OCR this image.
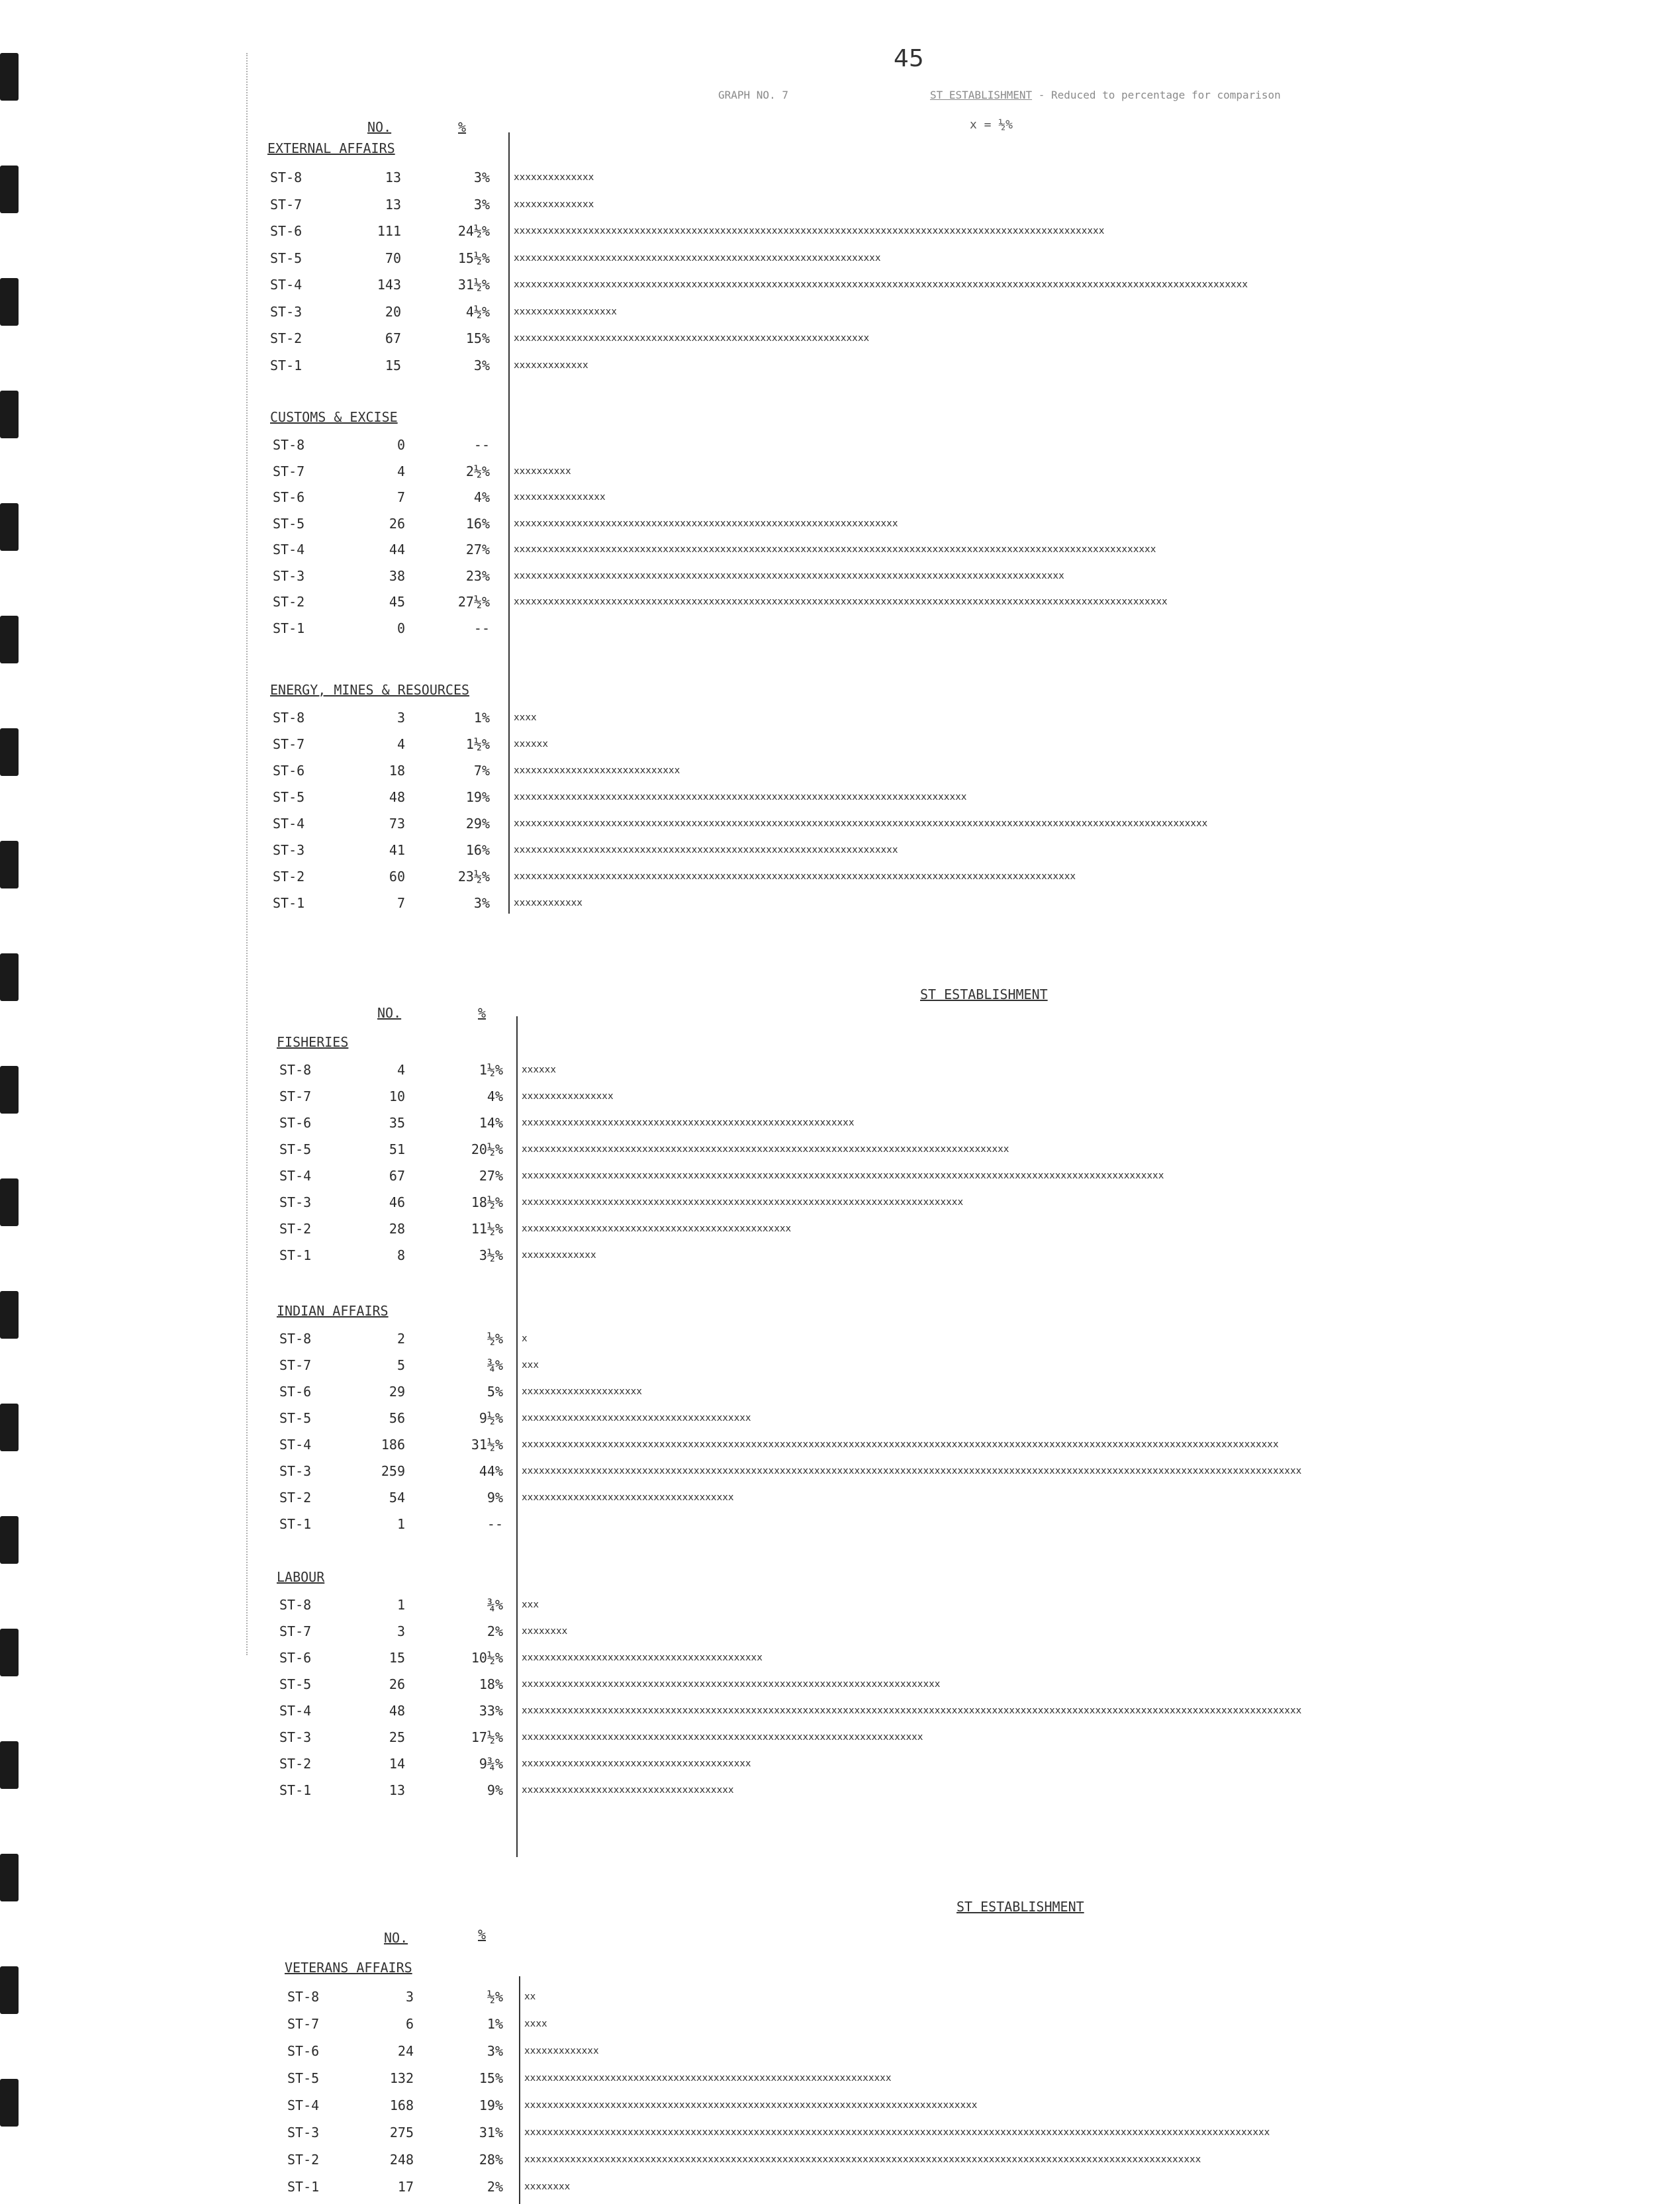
45
GRAPH NO. 7	ST ESTABLISHMENT - Reduced to percentage for comparison
x = ½%
NO.	%
NO.	%
NO.	%
ST ESTABLISHMENT
ST ESTABLISHMENT
EXTERNAL AFFAIRS
ST-8	13	3%	xxxxxxxxxxxxxx
ST-7	13	3%	xxxxxxxxxxxxxx
ST-6	111	24½%	xxxxxxxxxxxxxxxxxxxxxxxxxxxxxxxxxxxxxxxxxxxxxxxxxxxxxxxxxxxxxxxxxxxxxxxxxxxxxxxxxxxxxxxxxxxxxxxxxxxxxxx
ST-5	70	15½%	xxxxxxxxxxxxxxxxxxxxxxxxxxxxxxxxxxxxxxxxxxxxxxxxxxxxxxxxxxxxxxxx
ST-4	143	31½%	xxxxxxxxxxxxxxxxxxxxxxxxxxxxxxxxxxxxxxxxxxxxxxxxxxxxxxxxxxxxxxxxxxxxxxxxxxxxxxxxxxxxxxxxxxxxxxxxxxxxxxxxxxxxxxxxxxxxxxxxxxxxxxxx
ST-3	20	4½%	xxxxxxxxxxxxxxxxxx
ST-2	67	15%	xxxxxxxxxxxxxxxxxxxxxxxxxxxxxxxxxxxxxxxxxxxxxxxxxxxxxxxxxxxxxx
ST-1	15	3%	xxxxxxxxxxxxx
CUSTOMS & EXCISE
ST-8	0	--
ST-7	4	2½%	xxxxxxxxxx
ST-6	7	4%	xxxxxxxxxxxxxxxx
ST-5	26	16%	xxxxxxxxxxxxxxxxxxxxxxxxxxxxxxxxxxxxxxxxxxxxxxxxxxxxxxxxxxxxxxxxxxx
ST-4	44	27%	xxxxxxxxxxxxxxxxxxxxxxxxxxxxxxxxxxxxxxxxxxxxxxxxxxxxxxxxxxxxxxxxxxxxxxxxxxxxxxxxxxxxxxxxxxxxxxxxxxxxxxxxxxxxxxxx
ST-3	38	23%	xxxxxxxxxxxxxxxxxxxxxxxxxxxxxxxxxxxxxxxxxxxxxxxxxxxxxxxxxxxxxxxxxxxxxxxxxxxxxxxxxxxxxxxxxxxxxxxx
ST-2	45	27½%	xxxxxxxxxxxxxxxxxxxxxxxxxxxxxxxxxxxxxxxxxxxxxxxxxxxxxxxxxxxxxxxxxxxxxxxxxxxxxxxxxxxxxxxxxxxxxxxxxxxxxxxxxxxxxxxxxx
ST-1	0	--
ENERGY, MINES & RESOURCES
ST-8	3	1%	xxxx
ST-7	4	1½%	xxxxxx
ST-6	18	7%	xxxxxxxxxxxxxxxxxxxxxxxxxxxxx
ST-5	48	19%	xxxxxxxxxxxxxxxxxxxxxxxxxxxxxxxxxxxxxxxxxxxxxxxxxxxxxxxxxxxxxxxxxxxxxxxxxxxxxxx
ST-4	73	29%	xxxxxxxxxxxxxxxxxxxxxxxxxxxxxxxxxxxxxxxxxxxxxxxxxxxxxxxxxxxxxxxxxxxxxxxxxxxxxxxxxxxxxxxxxxxxxxxxxxxxxxxxxxxxxxxxxxxxxxxxx
ST-3	41	16%	xxxxxxxxxxxxxxxxxxxxxxxxxxxxxxxxxxxxxxxxxxxxxxxxxxxxxxxxxxxxxxxxxxx
ST-2	60	23½%	xxxxxxxxxxxxxxxxxxxxxxxxxxxxxxxxxxxxxxxxxxxxxxxxxxxxxxxxxxxxxxxxxxxxxxxxxxxxxxxxxxxxxxxxxxxxxxxxxx
ST-1	7	3%	xxxxxxxxxxxx
FISHERIES
ST-8	4	1½% xxxxxx
ST-7	10	4% xxxxxxxxxxxxxxxx
ST-6	35	14% xxxxxxxxxxxxxxxxxxxxxxxxxxxxxxxxxxxxxxxxxxxxxxxxxxxxxxxxxx
ST-5	51	20½% xxxxxxxxxxxxxxxxxxxxxxxxxxxxxxxxxxxxxxxxxxxxxxxxxxxxxxxxxxxxxxxxxxxxxxxxxxxxxxxxxxxxx
ST-4	67	27% xxxxxxxxxxxxxxxxxxxxxxxxxxxxxxxxxxxxxxxxxxxxxxxxxxxxxxxxxxxxxxxxxxxxxxxxxxxxxxxxxxxxxxxxxxxxxxxxxxxxxxxxxxxxxxxx
ST-3	46	18½% xxxxxxxxxxxxxxxxxxxxxxxxxxxxxxxxxxxxxxxxxxxxxxxxxxxxxxxxxxxxxxxxxxxxxxxxxxxxx
ST-2	28	11½% xxxxxxxxxxxxxxxxxxxxxxxxxxxxxxxxxxxxxxxxxxxxxxx
ST-1	8	3½% xxxxxxxxxxxxx
INDIAN AFFAIRS
ST-8	2	½% x
ST-7	5	¾% xxx
ST-6	29	5% xxxxxxxxxxxxxxxxxxxxx
ST-5	56	9½% xxxxxxxxxxxxxxxxxxxxxxxxxxxxxxxxxxxxxxxx
ST-4	186	31½% xxxxxxxxxxxxxxxxxxxxxxxxxxxxxxxxxxxxxxxxxxxxxxxxxxxxxxxxxxxxxxxxxxxxxxxxxxxxxxxxxxxxxxxxxxxxxxxxxxxxxxxxxxxxxxxxxxxxxxxxxxxxxxxxxxxx
ST-3	259	44% xxxxxxxxxxxxxxxxxxxxxxxxxxxxxxxxxxxxxxxxxxxxxxxxxxxxxxxxxxxxxxxxxxxxxxxxxxxxxxxxxxxxxxxxxxxxxxxxxxxxxxxxxxxxxxxxxxxxxxxxxxxxxxxxxxxxxxxx
ST-2	54	9% xxxxxxxxxxxxxxxxxxxxxxxxxxxxxxxxxxxxx
ST-1	1	--
LABOUR
ST-8	1	¾% xxx
ST-7	3	2% xxxxxxxx
ST-6	15	10½% xxxxxxxxxxxxxxxxxxxxxxxxxxxxxxxxxxxxxxxxxx
ST-5	26	18% xxxxxxxxxxxxxxxxxxxxxxxxxxxxxxxxxxxxxxxxxxxxxxxxxxxxxxxxxxxxxxxxxxxxxxxxx
ST-4	48	33% xxxxxxxxxxxxxxxxxxxxxxxxxxxxxxxxxxxxxxxxxxxxxxxxxxxxxxxxxxxxxxxxxxxxxxxxxxxxxxxxxxxxxxxxxxxxxxxxxxxxxxxxxxxxxxxxxxxxxxxxxxxxxxxxxxxxxxxx
ST-3	25	17½% xxxxxxxxxxxxxxxxxxxxxxxxxxxxxxxxxxxxxxxxxxxxxxxxxxxxxxxxxxxxxxxxxxxxxx
ST-2	14	9¾% xxxxxxxxxxxxxxxxxxxxxxxxxxxxxxxxxxxxxxxx
ST-1	13	9% xxxxxxxxxxxxxxxxxxxxxxxxxxxxxxxxxxxxx
VETERANS AFFAIRS
ST-8	3	½% xx
ST-7	6	1% xxxx
ST-6	24	3% xxxxxxxxxxxxx
ST-5	132	15% xxxxxxxxxxxxxxxxxxxxxxxxxxxxxxxxxxxxxxxxxxxxxxxxxxxxxxxxxxxxxxxx
ST-4	168	19% xxxxxxxxxxxxxxxxxxxxxxxxxxxxxxxxxxxxxxxxxxxxxxxxxxxxxxxxxxxxxxxxxxxxxxxxxxxxxxx
ST-3	275	31% xxxxxxxxxxxxxxxxxxxxxxxxxxxxxxxxxxxxxxxxxxxxxxxxxxxxxxxxxxxxxxxxxxxxxxxxxxxxxxxxxxxxxxxxxxxxxxxxxxxxxxxxxxxxxxxxxxxxxxxxxxxxxxxxxx
ST-2	248	28% xxxxxxxxxxxxxxxxxxxxxxxxxxxxxxxxxxxxxxxxxxxxxxxxxxxxxxxxxxxxxxxxxxxxxxxxxxxxxxxxxxxxxxxxxxxxxxxxxxxxxxxxxxxxxxxxxxxxxx
ST-1	17	2% xxxxxxxx
